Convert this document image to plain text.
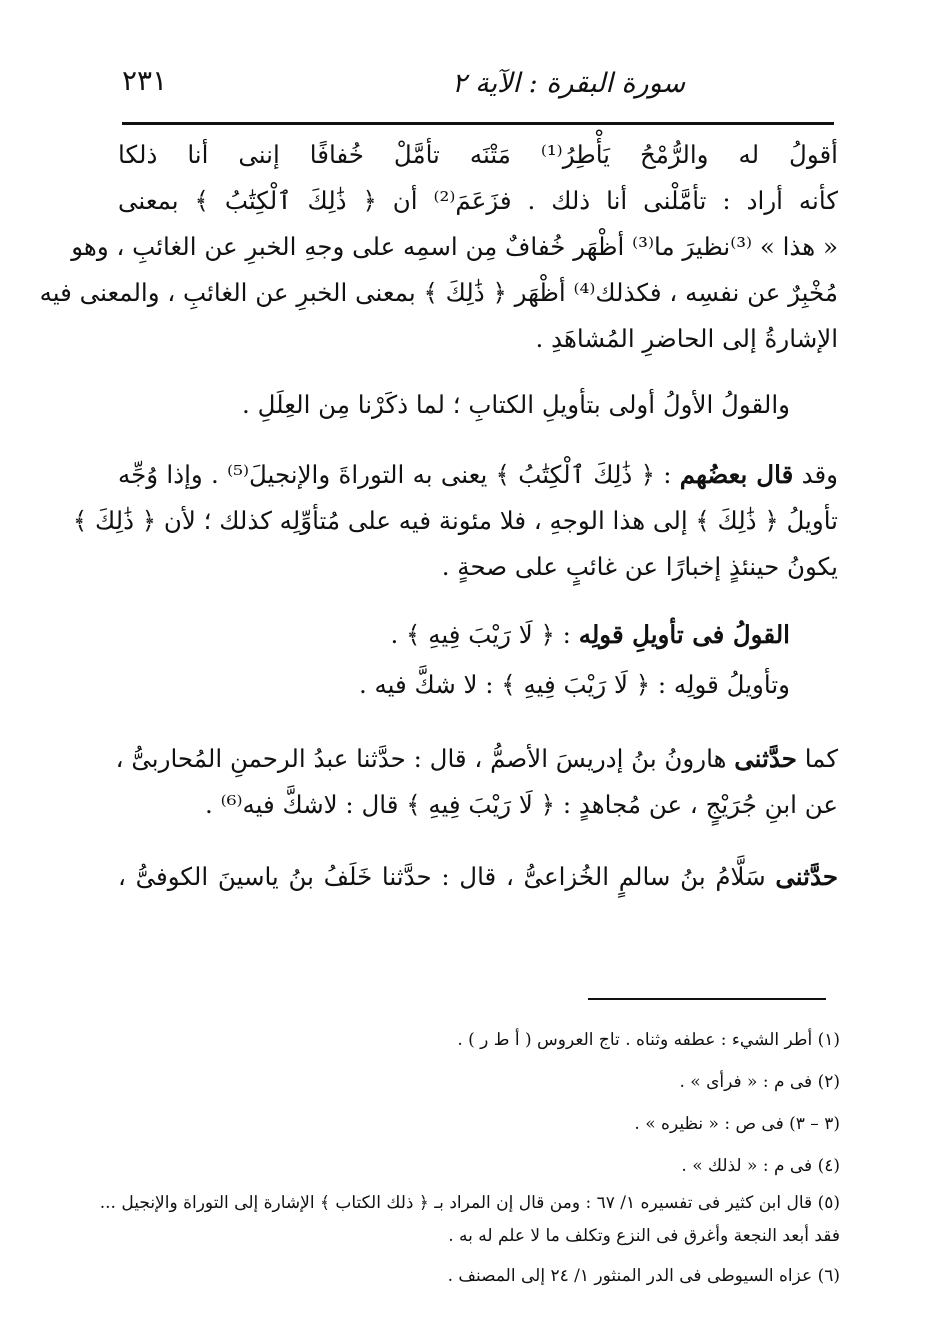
٢٣١	سورة البقرة : الآية ٢
أقولُ له والرُّمْحُ يَأْطِرُ⁽¹⁾ مَتْنَه تأمَّلْ خُفافًا إننى أنا ذلكا
كأنه أراد : تأمَّلْنى أنا ذلك . فزَعَمَ⁽²⁾ أن ﴿ ذَٰلِكَ ٱلْكِتَٰبُ ﴾ بمعنى
« هذا » ⁽³⁾نظيرَ ما⁽³⁾ أظْهَر خُفافٌ مِن اسمِه على وجهِ الخبرِ عن الغائبِ ، وهو
مُخْبِرٌ عن نفسِه ، فكذلك⁽⁴⁾ أظْهَر ﴿ ذَٰلِكَ ﴾ بمعنى الخبرِ عن الغائبِ ، والمعنى فيه
الإشارةُ إلى الحاضرِ المُشاهَدِ .
والقولُ الأولُ أولى بتأويلِ الكتابِ ؛ لما ذكَرْنا مِن العِلَلِ .
وقد قال بعضُهم : ﴿ ذَٰلِكَ ٱلْكِتَٰبُ ﴾ يعنى به التوراةَ والإنجيلَ⁽⁵⁾ . وإذا وُجِّه
تأويلُ ﴿ ذَٰلِكَ ﴾ إلى هذا الوجهِ ، فلا مئونة فيه على مُتأوِّلِه كذلك ؛ لأن ﴿ ذَٰلِكَ ﴾
يكونُ حينئذٍ إخبارًا عن غائبٍ على صحةٍ .
القولُ فى تأويلِ قولِه : ﴿ لَا رَيْبَ فِيهِ ﴾ .
وتأويلُ قولِه : ﴿ لَا رَيْبَ فِيهِ ﴾ : لا شكَّ فيه .
كما حدَّثنى هارونُ بنُ إدريسَ الأصمُّ ، قال : حدَّثنا عبدُ الرحمنِ المُحاربىُّ ،
عن ابنِ جُرَيْجٍ ، عن مُجاهدٍ : ﴿ لَا رَيْبَ فِيهِ ﴾ قال : لاشكَّ فيه⁽⁶⁾ .
حدَّثنى سَلَّامُ بنُ سالمٍ الخُزاعىُّ ، قال : حدَّثنا خَلَفُ بنُ ياسينَ الكوفىُّ ،
(١) أطر الشيء : عطفه وثناه . تاج العروس ( أ ط ر ) .
(٢) فى م : « فرأى » .
(٣ – ٣) فى ص : « نظيره » .
(٤) فى م : « لذلك » .
(٥) قال ابن كثير فى تفسيره ١/ ٦٧ : ومن قال إن المراد بـ ﴿ ذلك الكتاب ﴾ الإشارة إلى التوراة والإنجيل ...
فقد أبعد النجعة وأغرق فى النزع وتكلف ما لا علم له به .
(٦) عزاه السيوطى فى الدر المنثور ١/ ٢٤ إلى المصنف .
